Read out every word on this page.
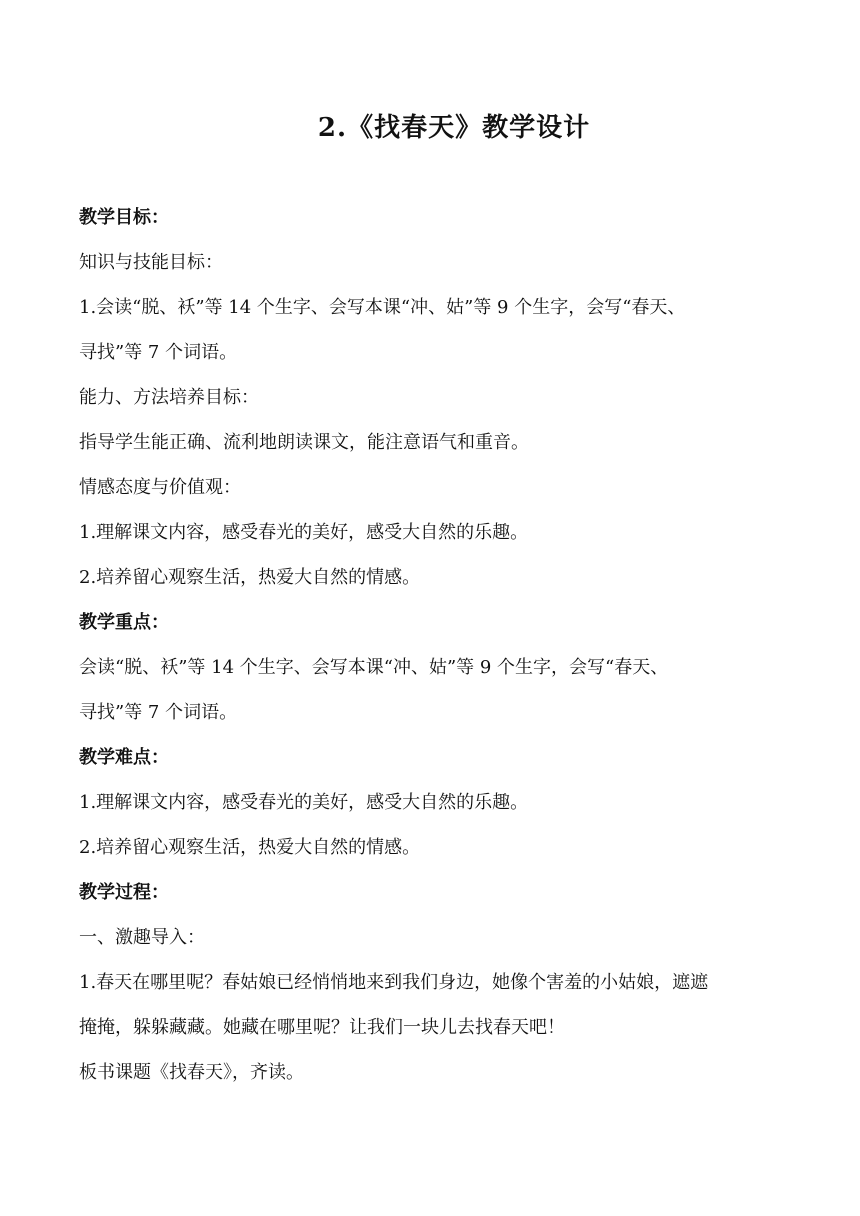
2.《找春天》教学设计
教学目标：
知识与技能目标：
1.会读“脱、袄”等 14 个生字、会写本课“冲、姑”等 9 个生字，会写“春天、
寻找”等 7 个词语。
能力、方法培养目标：
指导学生能正确、流利地朗读课文，能注意语气和重音。
情感态度与价值观：
1.理解课文内容，感受春光的美好，感受大自然的乐趣。
2.培养留心观察生活，热爱大自然的情感。
教学重点：
会读“脱、袄”等 14 个生字、会写本课“冲、姑”等 9 个生字，会写“春天、
寻找”等 7 个词语。
教学难点：
1.理解课文内容，感受春光的美好，感受大自然的乐趣。
2.培养留心观察生活，热爱大自然的情感。
教学过程：
一、激趣导入：
1.春天在哪里呢？春姑娘已经悄悄地来到我们身边，她像个害羞的小姑娘，遮遮
掩掩，躲躲藏藏。她藏在哪里呢？让我们一块儿去找春天吧！
板书课题《找春天》，齐读。
